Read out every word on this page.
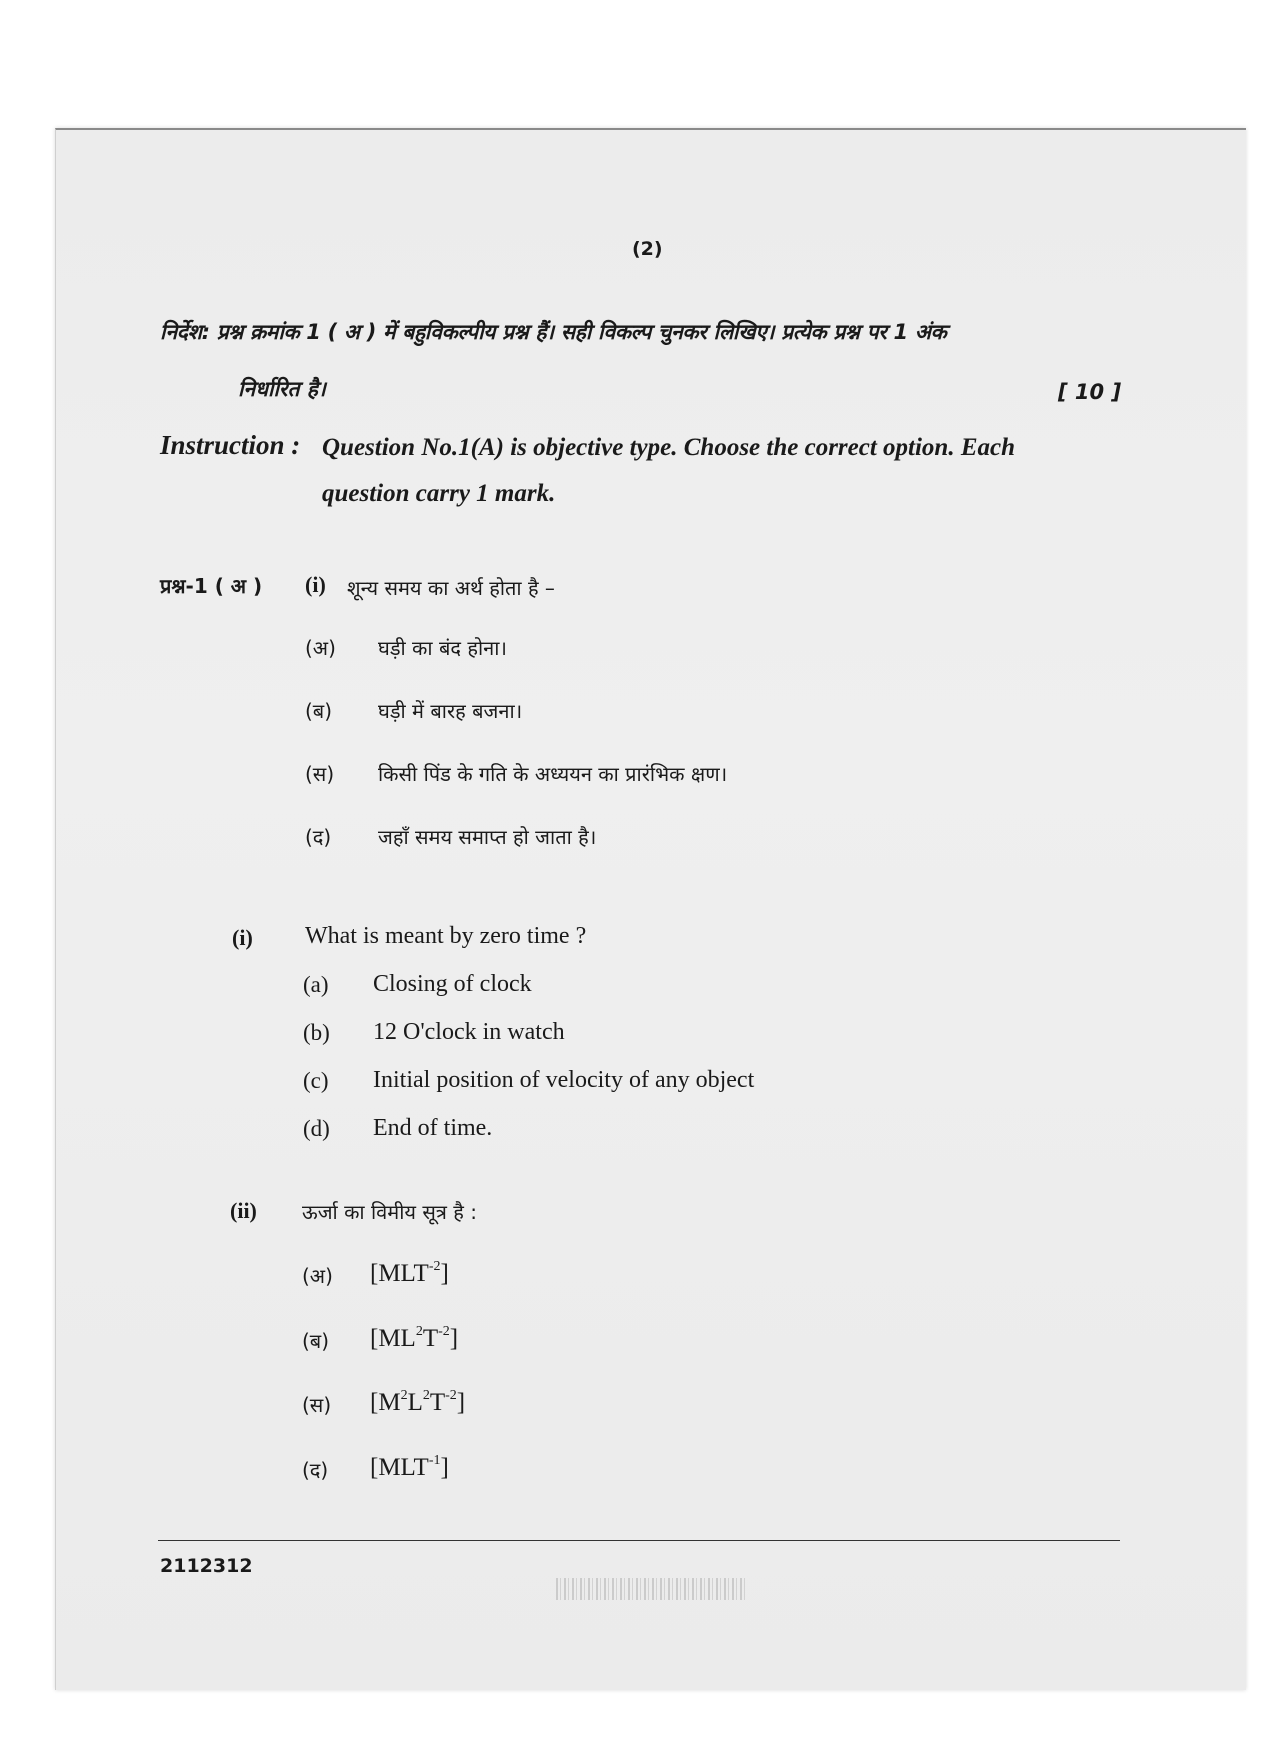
(2)
निर्देश: प्रश्न क्रमांक 1 ( अ ) में बहुविकल्पीय प्रश्न हैं। सही विकल्प चुनकर लिखिए। प्रत्येक प्रश्न पर 1 अंक
निर्धारित है।	[ 10 ]
Instruction : Question No.1(A) is objective type. Choose the correct option. Each
question carry 1 mark.
प्रश्न-1 ( अ ) (i) शून्य समय का अर्थ होता है –
(अ) घड़ी का बंद होना।
(ब) घड़ी में बारह बजना।
(स) किसी पिंड के गति के अध्ययन का प्रारंभिक क्षण।
(द) जहाँ समय समाप्त हो जाता है।
(i) What is meant by zero time ?
(a) Closing of clock
(b) 12 O'clock in watch
(c) Initial position of velocity of any object
(d) End of time.
(ii) ऊर्जा का विमीय सूत्र है :
(अ) $[MLT^{-2}]$
(ब) $[ML^2T^{-2}]$
(स) $[M^2L^2T^{-2}]$
(द) $[MLT^{-1}]$
2112312
